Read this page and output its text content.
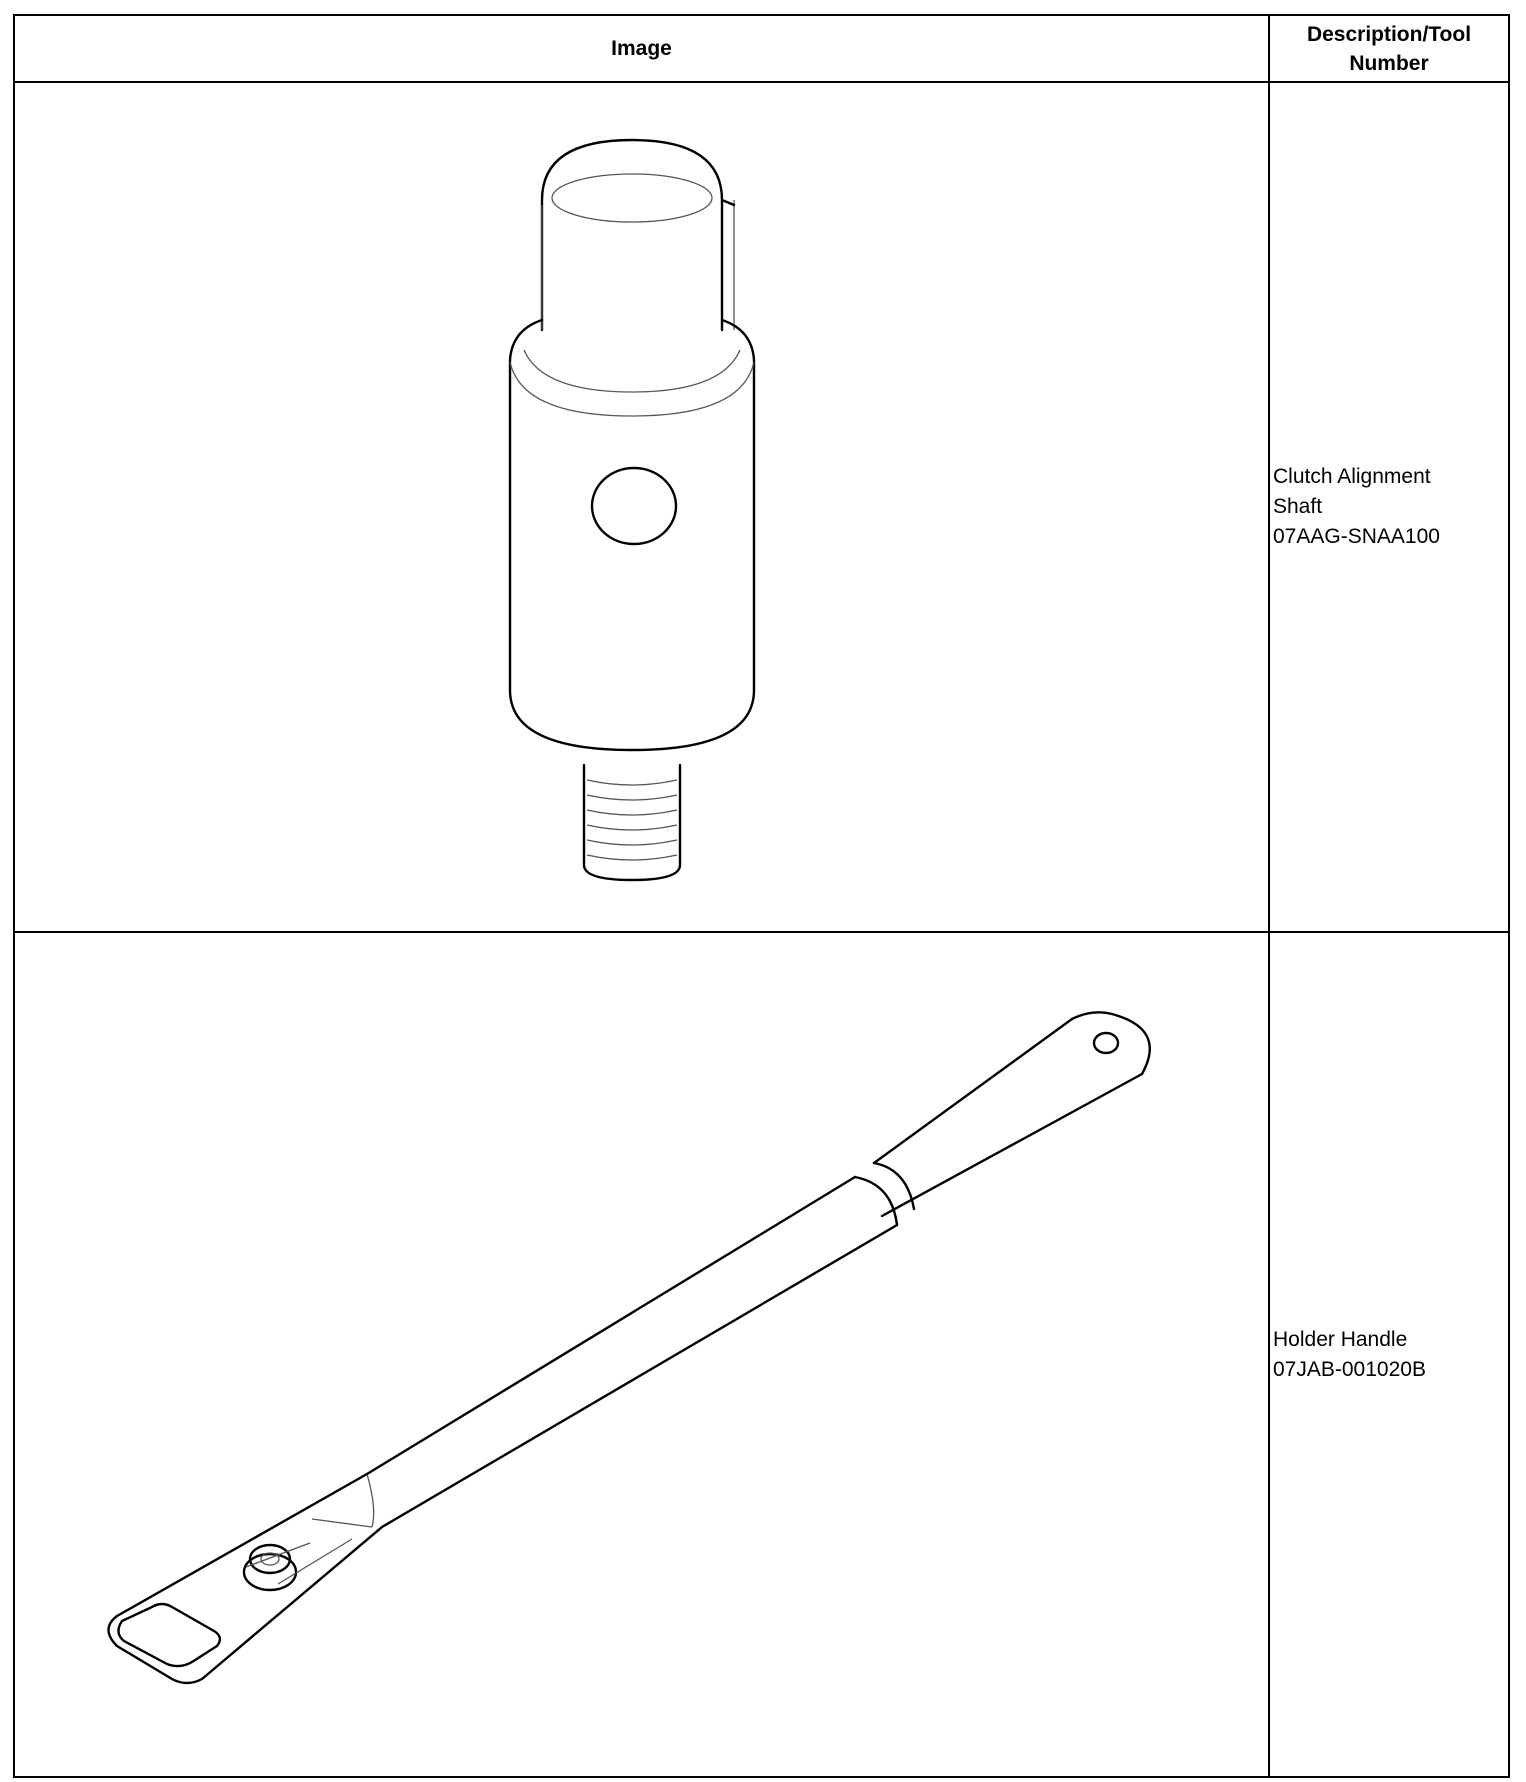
Image	Description/Tool
Number

Clutch Alignment
Shaft
07AAG-SNAA100

Holder Handle
07JAB-001020B
